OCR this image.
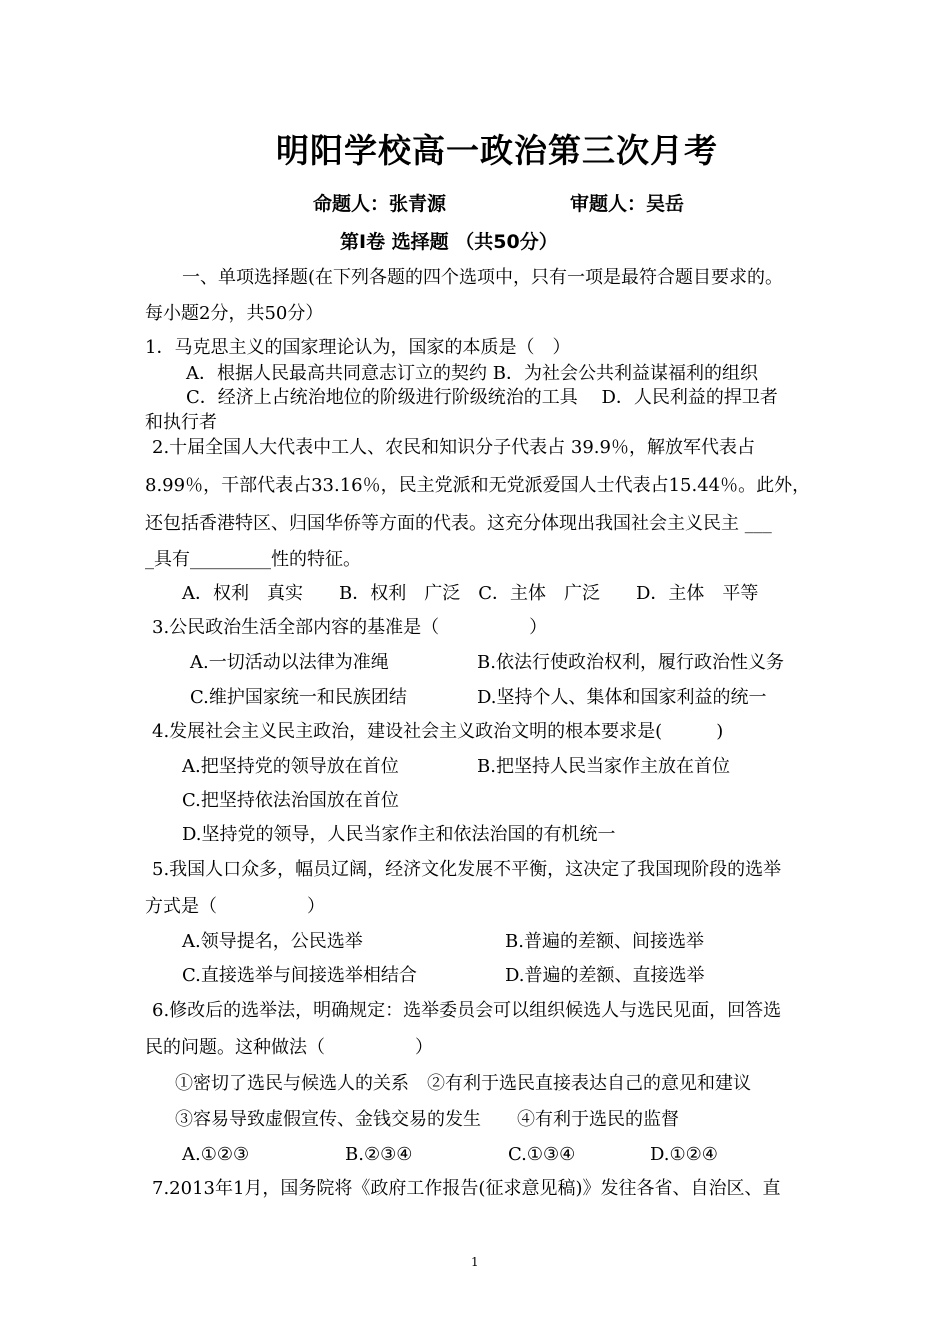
明阳学校高一政治第三次月考
命题人：张青源	审题人：吴岳
第Ⅰ卷 选择题 （共50分）
一、单项选择题(在下列各题的四个选项中，只有一项是最符合题目要求的。
每小题2分，共50分）
1．马克思主义的国家理论认为，国家的本质是（　）
A．根据人民最高共同意志订立的契约 B．为社会公共利益谋福利的组织
C．经济上占统治地位的阶级进行阶级统治的工具　 D．人民利益的捍卫者
和执行者
2.十届全国人大代表中工人、农民和知识分子代表占 39.9％，解放军代表占
8.99％，干部代表占33.16％，民主党派和无党派爱国人士代表占15.44％。此外，
还包括香港特区、归国华侨等方面的代表。这充分体现出我国社会主义民主 ___
_具有_________性的特征。
A．权利　真实　　B．权利　广泛　C．主体　广泛　　D．主体　平等
3.公民政治生活全部内容的基准是（　　　　　）
A.一切活动以法律为准绳	B.依法行使政治权利，履行政治性义务
C.维护国家统一和民族团结	D.坚持个人、集体和国家利益的统一
4.发展社会主义民主政治，建设社会主义政治文明的根本要求是(　　　)
A.把坚持党的领导放在首位	B.把坚持人民当家作主放在首位
C.把坚持依法治国放在首位
D.坚持党的领导，人民当家作主和依法治国的有机统一
5.我国人口众多，幅员辽阔，经济文化发展不平衡，这决定了我国现阶段的选举
方式是（　　　　　）
A.领导提名，公民选举	B.普遍的差额、间接选举
C.直接选举与间接选举相结合	D.普遍的差额、直接选举
6.修改后的选举法，明确规定：选举委员会可以组织候选人与选民见面，回答选
民的问题。这种做法（　　　　　）
①密切了选民与候选人的关系　②有利于选民直接表达自己的意见和建议
③容易导致虚假宣传、金钱交易的发生　　④有利于选民的监督
A.①②③	B.②③④	C.①③④	D.①②④
7.2013年1月，国务院将《政府工作报告(征求意见稿)》发往各省、自治区、直
1
